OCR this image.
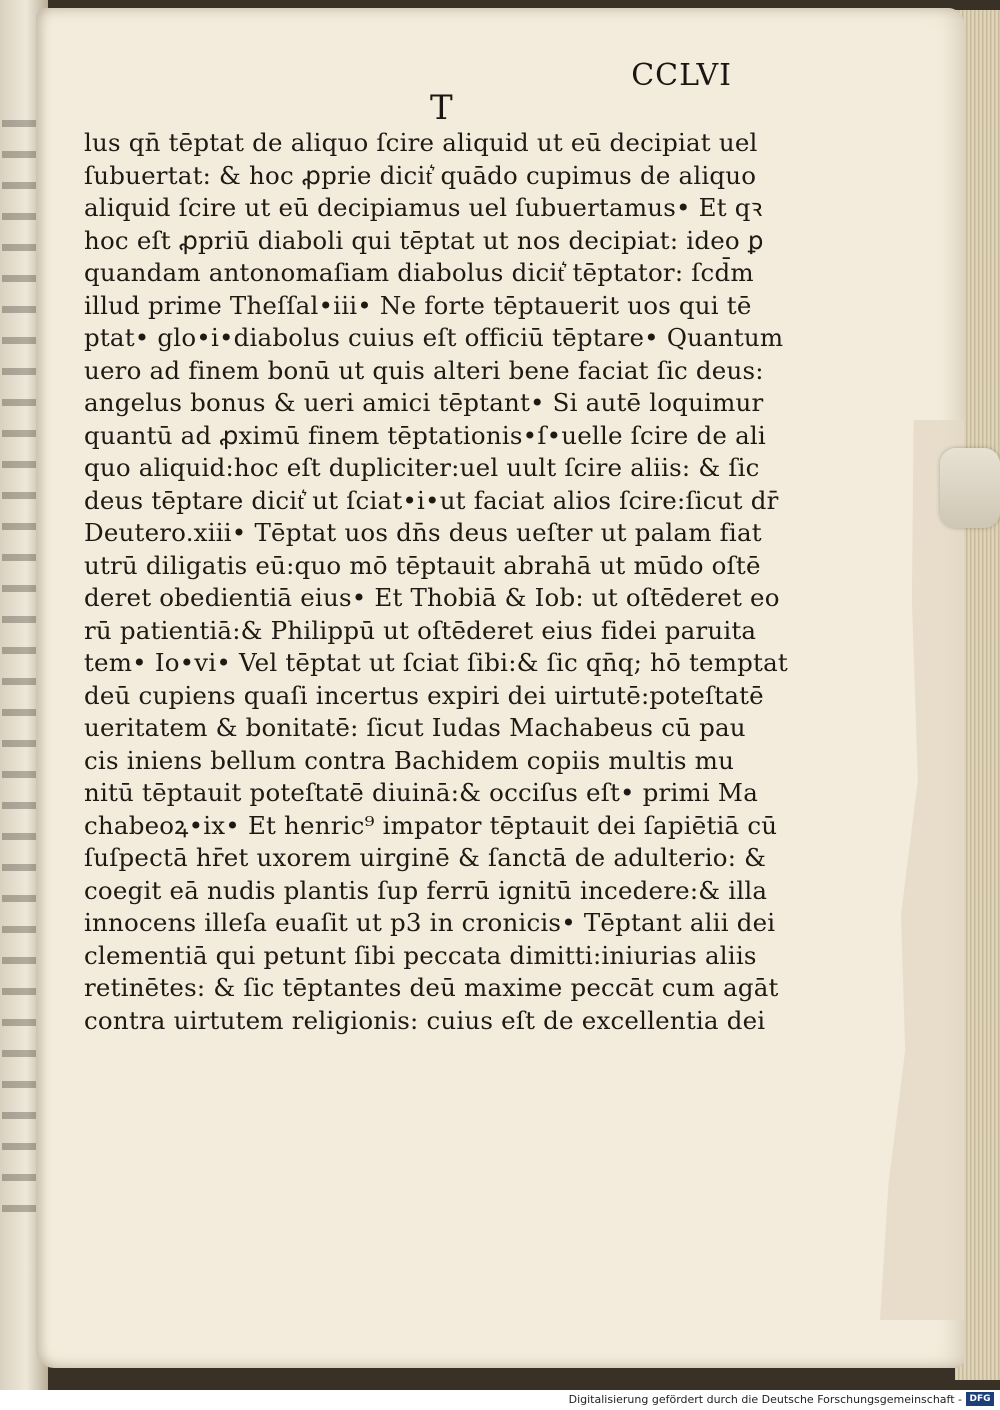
CCLVI
T
lus qn̄ tēptat de aliquo ſcire aliquid ut eū decipiat uel
ſubuertat: & hoc ꝓprie dicit͛ quādo cupimus de aliquo
aliquid ſcire ut eū decipiamus uel ſubuertamus• Et qꝛ
hoc eſt ꝓpriū diaboli qui tēptat ut nos decipiat: ideo ꝑ
quandam antonomaſiam diabolus dicit͛ tēptator: ſcd̄m
illud prime Theſſal•iii• Ne forte tēptauerit uos qui tē
ptat• glo•i•diabolus cuius eſt officiū tēptare• Quantum
uero ad finem bonū ut quis alteri bene faciat ſic deus:
angelus bonus & ueri amici tēptant• Si autē loquimur
quantū ad ꝓximū finem tēptationis•ſ•uelle ſcire de ali
quo aliquid:hoc eſt dupliciter:uel uult ſcire aliis: & ſic
deus tēptare dicit͛ ut ſciat•i•ut faciat alios ſcire:ſicut dr̄
Deutero.xiii• Tēptat uos dn̄s deus ueſter ut palam fiat
utrū diligatis eū:quo mō tēptauit abrahā ut mūdo oſtē
deret obedientiā eius• Et Thobiā & Iob: ut oſtēderet eo
rū patientiā:& Philippū ut oſtēderet eius fidei paruita
tem• Io•vi• Vel tēptat ut ſciat ſibi:& ſic qn̄q; hō temptat
deū cupiens quaſi incertus expiri dei uirtutē:poteſtatē
ueritatem & bonitatē: ſicut Iudas Machabeus cū pau
cis iniens bellum contra Bachidem copiis multis mu
nitū tēptauit poteſtatē diuinā:& occiſus eſt• primi Ma
chabeoꝝ•ix• Et henric⁹ impator tēptauit dei ſapiētiā cū
ſuſpectā hr̄et uxorem uirginē & ſanctā de adulterio: &
coegit eā nudis plantis ſup ferrū ignitū incedere:& illa
innocens illeſa euaſit ut p3 in cronicis• Tēptant alii dei
clementiā qui petunt ſibi peccata dimitti:iniurias aliis
retinētes: & ſic tēptantes deū maxime peccāt cum agāt
contra uirtutem religionis: cuius eſt de excellentia dei
Digitalisierung gefördert durch die Deutsche Forschungsgemeinschaft - DFG
